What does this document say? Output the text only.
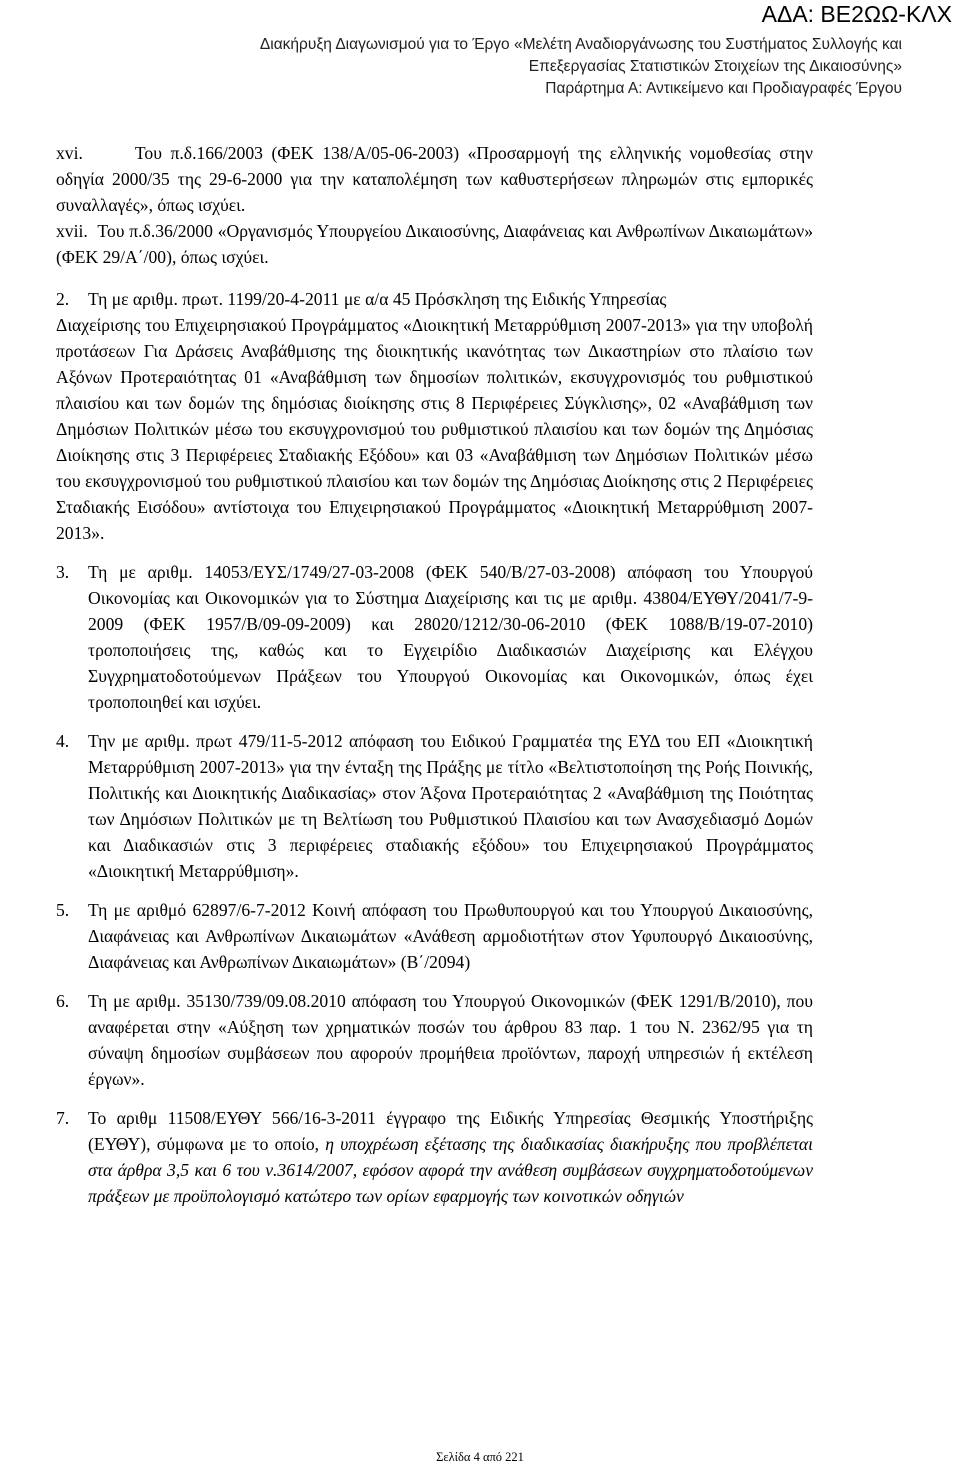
ΑΔΑ: ΒΕ2ΩΩ-ΚΛΧ
Διακήρυξη Διαγωνισμού για το Έργο «Μελέτη Αναδιοργάνωσης του Συστήματος Συλλογής και
Επεξεργασίας Στατιστικών Στοιχείων της Δικαιοσύνης»
Παράρτημα Α: Αντικείμενο και Προδιαγραφές Έργου
xvi.	Του π.δ.166/2003 (ΦΕΚ 138/Α/05-06-2003) «Προσαρμογή της ελληνικής νομοθεσίας στην οδηγία 2000/35 της 29-6-2000 για την καταπολέμηση των καθυστερήσεων πληρωμών στις εμπορικές συναλλαγές», όπως ισχύει.
xvii. Του π.δ.36/2000 «Οργανισμός Υπουργείου Δικαιοσύνης, Διαφάνειας και Ανθρωπίνων Δικαιωμάτων» (ΦΕΚ 29/Α΄/00), όπως ισχύει.
2.	Τη με αριθμ. πρωτ. 1199/20-4-2011 με α/α 45 Πρόσκληση της Ειδικής Υπηρεσίας
Διαχείρισης του Επιχειρησιακού Προγράμματος «Διοικητική Μεταρρύθμιση 2007-2013» για την υποβολή προτάσεων Για Δράσεις Αναβάθμισης της διοικητικής ικανότητας των Δικαστηρίων στο πλαίσιο των Αξόνων Προτεραιότητας 01 «Αναβάθμιση των δημοσίων πολιτικών, εκσυγχρονισμός του ρυθμιστικού πλαισίου και των δομών της δημόσιας διοίκησης στις 8 Περιφέρειες Σύγκλισης», 02 «Αναβάθμιση των Δημόσιων Πολιτικών μέσω του εκσυγχρονισμού του ρυθμιστικού πλαισίου και των δομών της Δημόσιας Διοίκησης στις 3 Περιφέρειες Σταδιακής Εξόδου» και 03 «Αναβάθμιση των Δημόσιων Πολιτικών μέσω του εκσυγχρονισμού του ρυθμιστικού πλαισίου και των δομών της Δημόσιας Διοίκησης στις 2 Περιφέρειες Σταδιακής Εισόδου» αντίστοιχα του Επιχειρησιακού Προγράμματος «Διοικητική Μεταρρύθμιση 2007-2013».
3.	Τη με αριθμ. 14053/ΕΥΣ/1749/27-03-2008 (ΦΕΚ 540/Β/27-03-2008) απόφαση του Υπουργού Οικονομίας και Οικονομικών για το Σύστημα Διαχείρισης και τις με αριθμ. 43804/ΕΥΘΥ/2041/7-9-2009 (ΦΕΚ 1957/Β/09-09-2009) και 28020/1212/30-06-2010 (ΦΕΚ 1088/Β/19-07-2010) τροποποιήσεις της, καθώς και το Εγχειρίδιο Διαδικασιών Διαχείρισης και Ελέγχου Συγχρηματοδοτούμενων Πράξεων του Υπουργού Οικονομίας και Οικονομικών, όπως έχει τροποποιηθεί και ισχύει.
4.	Την με αριθμ. πρωτ 479/11-5-2012 απόφαση του Ειδικού Γραμματέα της ΕΥΔ του ΕΠ «Διοικητική Μεταρρύθμιση 2007-2013» για την ένταξη της Πράξης με τίτλο «Βελτιστοποίηση της Ροής Ποινικής, Πολιτικής και Διοικητικής Διαδικασίας» στον Άξονα Προτεραιότητας 2 «Αναβάθμιση της Ποιότητας των Δημόσιων Πολιτικών με τη Βελτίωση του Ρυθμιστικού Πλαισίου και των Ανασχεδιασμό Δομών και Διαδικασιών στις 3 περιφέρειες σταδιακής εξόδου» του Επιχειρησιακού Προγράμματος «Διοικητική Μεταρρύθμιση».
5.	Τη με αριθμό 62897/6-7-2012 Κοινή απόφαση του Πρωθυπουργού και του Υπουργού Δικαιοσύνης, Διαφάνειας και Ανθρωπίνων Δικαιωμάτων «Ανάθεση αρμοδιοτήτων στον Υφυπουργό Δικαιοσύνης, Διαφάνειας και Ανθρωπίνων Δικαιωμάτων» (Β΄/2094)
6.	Τη με αριθμ. 35130/739/09.08.2010 απόφαση του Υπουργού Οικονομικών (ΦΕΚ 1291/Β/2010), που αναφέρεται στην «Αύξηση των χρηματικών ποσών του άρθρου 83 παρ. 1 του Ν. 2362/95 για τη σύναψη δημοσίων συμβάσεων που αφορούν προμήθεια προϊόντων, παροχή υπηρεσιών ή εκτέλεση έργων».
7.	Το αριθμ 11508/ΕΥΘΥ 566/16-3-2011 έγγραφο της Ειδικής Υπηρεσίας Θεσμικής Υποστήριξης (ΕΥΘΥ), σύμφωνα με το οποίο, η υποχρέωση εξέτασης της διαδικασίας διακήρυξης που προβλέπεται στα άρθρα 3,5 και 6 του ν.3614/2007, εφόσον αφορά την ανάθεση συμβάσεων συγχρηματοδοτούμενων πράξεων με προϋπολογισμό κατώτερο των ορίων εφαρμογής των κοινοτικών οδηγιών
Σελίδα 4 από 221
